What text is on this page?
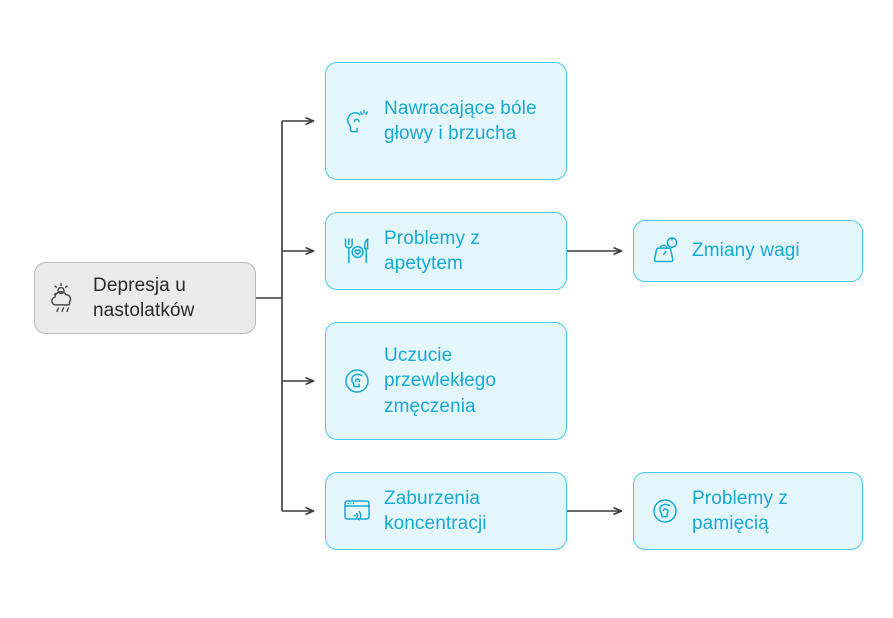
Depresja u nastolatków
Nawracające bóle głowy i brzucha
Problemy z apetytem
Zmiany wagi
Uczucie przewlekłego zmęczenia
Zaburzenia koncentracji
Problemy z pamięcią
